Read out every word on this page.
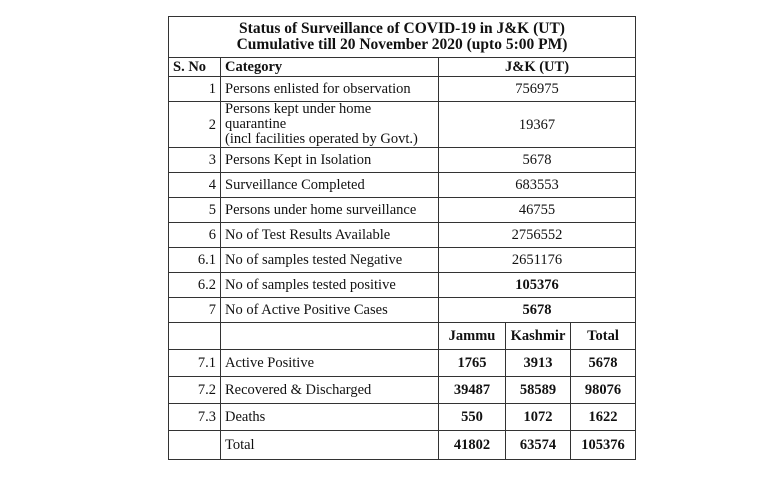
Status of Surveillance of COVID-19 in J&K (UT)
Cumulative till 20 November 2020 (upto 5:00 PM)				

S. No	Category	J&K (UT)		
1	Persons enlisted for observation	756975		
2	Persons kept under home quarantine
(incl facilities operated by Govt.)	19367		
3	Persons Kept in Isolation	5678		
4	Surveillance Completed	683553		
5	Persons under home surveillance	46755		
6	No of Test Results Available	2756552		
6.1	No of samples tested Negative	2651176		
6.2	No of samples tested positive	105376		
7	No of Active Positive Cases	5678		
		Jammu	Kashmir	Total
7.1	Active Positive	1765	3913	5678
7.2	Recovered & Discharged	39487	58589	98076
7.3	Deaths	550	1072	1622
	Total	41802	63574	105376
